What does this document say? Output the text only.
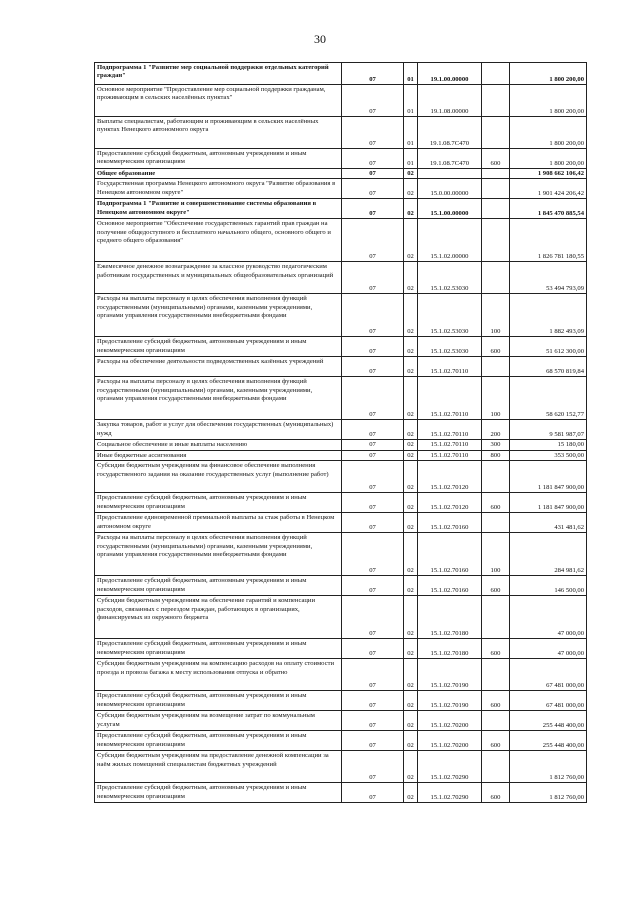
30
Подпрограмма 1 "Развитие мер социальной поддержки отдельных категорий граждан"	07	01	19.1.00.00000		1 800 200,00
Основное мероприятие "Предоставление мер социальной поддержки гражданам, проживающим в сельских населённых пунктах"	07	01	19.1.08.00000		1 800 200,00
Выплаты специалистам, работающим и проживающим в сельских населённых пунктах Ненецкого автономного округа	07	01	19.1.08.7С470		1 800 200,00
Предоставление субсидий бюджетным, автономным учреждениям и иным некоммерческим организациям	07	01	19.1.08.7С470	600	1 800 200,00
Общее образование	07	02			1 908 662 106,42
Государственная программа Ненецкого автономного округа "Развитие образования в Ненецком автономном округе"	07	02	15.0.00.00000		1 901 424 206,42
Подпрограмма 1 "Развитие и совершенствование системы образования в Ненецком автономном округе"	07	02	15.1.00.00000		1 845 470 885,54
Основное мероприятие "Обеспечение государственных гарантий прав граждан на получение общедоступного и бесплатного начального общего, основного общего и среднего общего образования"	07	02	15.1.02.00000		1 826 781 180,55
Ежемесячное денежное вознаграждение за классное руководство педагогическим работникам государственных и муниципальных общеобразовательных организаций	07	02	15.1.02.53030		53 494 793,09
Расходы на выплаты персоналу в целях обеспечения выполнения функций государственными (муниципальными) органами, казенными учреждениями, органами управления государственными внебюджетными фондами	07	02	15.1.02.53030	100	1 882 493,09
Предоставление субсидий бюджетным, автономным учреждениям и иным некоммерческим организациям	07	02	15.1.02.53030	600	51 612 300,00
Расходы на обеспечение деятельности подведомственных казённых учреждений	07	02	15.1.02.70110		68 570 819,84
Расходы на выплаты персоналу в целях обеспечения выполнения функций государственными (муниципальными) органами, казенными учреждениями, органами управления государственными внебюджетными фондами	07	02	15.1.02.70110	100	58 620 152,77
Закупка товаров, работ и услуг для обеспечения государственных (муниципальных) нужд	07	02	15.1.02.70110	200	9 581 987,07
Социальное обеспечение и иные выплаты населению	07	02	15.1.02.70110	300	15 180,00
Иные бюджетные ассигнования	07	02	15.1.02.70110	800	353 500,00
Субсидии бюджетным учреждениям на финансовое обеспечение выполнения государственного задания на оказание государственных услуг (выполнение работ)	07	02	15.1.02.70120		1 181 847 900,00
Предоставление субсидий бюджетным, автономным учреждениям и иным некоммерческим организациям	07	02	15.1.02.70120	600	1 181 847 900,00
Предоставление единовременной премиальной выплаты за стаж работы в Ненецком автономном округе	07	02	15.1.02.70160		431 481,62
Расходы на выплаты персоналу в целях обеспечения выполнения функций государственными (муниципальными) органами, казенными учреждениями, органами управления государственными внебюджетными фондами	07	02	15.1.02.70160	100	284 981,62
Предоставление субсидий бюджетным, автономным учреждениям и иным некоммерческим организациям	07	02	15.1.02.70160	600	146 500,00
Субсидии бюджетным учреждениям на обеспечение гарантий и компенсации расходов, связанных с переездом граждан, работающих в организациях, финансируемых из окружного бюджета	07	02	15.1.02.70180		47 000,00
Предоставление субсидий бюджетным, автономным учреждениям и иным некоммерческим организациям	07	02	15.1.02.70180	600	47 000,00
Субсидии бюджетным учреждениям на компенсацию расходов на оплату стоимости проезда и провоза багажа к месту использования отпуска и обратно	07	02	15.1.02.70190		67 481 000,00
Предоставление субсидий бюджетным, автономным учреждениям и иным некоммерческим организациям	07	02	15.1.02.70190	600	67 481 000,00
Субсидии бюджетным учреждениям на возмещение затрат по коммунальным услугам	07	02	15.1.02.70200		255 448 400,00
Предоставление субсидий бюджетным, автономным учреждениям и иным некоммерческим организациям	07	02	15.1.02.70200	600	255 448 400,00
Субсидии бюджетным учреждениям на предоставление денежной компенсации за наём жилых помещений специалистам бюджетных учреждений	07	02	15.1.02.70290		1 812 760,00
Предоставление субсидий бюджетным, автономным учреждениям и иным некоммерческим организациям	07	02	15.1.02.70290	600	1 812 760,00
